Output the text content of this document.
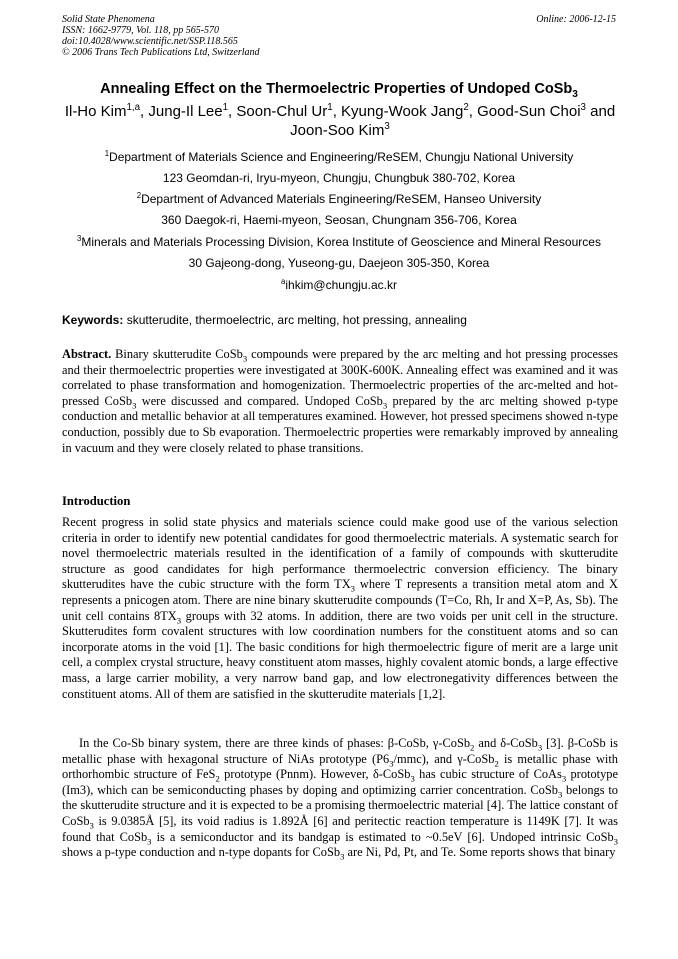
Solid State Phenomena
ISSN: 1662-9779, Vol. 118, pp 565-570
doi:10.4028/www.scientific.net/SSP.118.565
© 2006 Trans Tech Publications Ltd, Switzerland
Online: 2006-12-15
Annealing Effect on the Thermoelectric Properties of Undoped CoSb$_3$
Il-Ho Kim$^{1,a}$, Jung-Il Lee$^1$, Soon-Chul Ur$^1$, Kyung-Wook Jang$^2$, Good-Sun Choi$^3$ and Joon-Soo Kim$^3$
$^1$Department of Materials Science and Engineering/ReSEM, Chungju National University
123 Geomdan-ri, Iryu-myeon, Chungju, Chungbuk 380-702, Korea
$^2$Department of Advanced Materials Engineering/ReSEM, Hanseo University
360 Daegok-ri, Haemi-myeon, Seosan, Chungnam 356-706, Korea
$^3$Minerals and Materials Processing Division, Korea Institute of Geoscience and Mineral Resources
30 Gajeong-dong, Yuseong-gu, Daejeon 305-350, Korea
$^a$ihkim@chungju.ac.kr
Keywords: skutterudite, thermoelectric, arc melting, hot pressing, annealing
Abstract. Binary skutterudite CoSb$_3$ compounds were prepared by the arc melting and hot pressing processes and their thermoelectric properties were investigated at 300K-600K. Annealing effect was examined and it was correlated to phase transformation and homogenization. Thermoelectric properties of the arc-melted and hot-pressed CoSb$_3$ were discussed and compared. Undoped CoSb$_3$ prepared by the arc melting showed p-type conduction and metallic behavior at all temperatures examined. However, hot pressed specimens showed n-type conduction, possibly due to Sb evaporation. Thermoelectric properties were remarkably improved by annealing in vacuum and they were closely related to phase transitions.
Introduction
Recent progress in solid state physics and materials science could make good use of the various selection criteria in order to identify new potential candidates for good thermoelectric materials. A systematic search for novel thermoelectric materials resulted in the identification of a family of compounds with skutterudite structure as good candidates for high performance thermoelectric conversion efficiency. The binary skutterudites have the cubic structure with the form $TX_3$ where T represents a transition metal atom and X represents a pnicogen atom. There are nine binary skutterudite compounds (T=Co, Rh, Ir and X=P, As, Sb). The unit cell contains $8TX_3$ groups with 32 atoms. In addition, there are two voids per unit cell in the structure. Skutterudites form covalent structures with low coordination numbers for the constituent atoms and so can incorporate atoms in the void [1]. The basic conditions for high thermoelectric figure of merit are a large unit cell, a complex crystal structure, heavy constituent atom masses, highly covalent atomic bonds, a large effective mass, a large carrier mobility, a very narrow band gap, and low electronegativity differences between the constituent atoms. All of them are satisfied in the skutterudite materials [1,2].
In the Co-Sb binary system, there are three kinds of phases: β-CoSb, γ-CoSb$_2$ and δ-CoSb$_3$ [3]. β-CoSb is metallic phase with hexagonal structure of NiAs prototype $(P6_3/mmc)$, and γ-CoSb$_2$ is metallic phase with orthorhombic structure of FeS$_2$ prototype (Pnnm). However, δ-CoSb$_3$ has cubic structure of CoAs$_3$ prototype (Im3), which can be semiconducting phases by doping and optimizing carrier concentration. CoSb$_3$ belongs to the skutterudite structure and it is expected to be a promising thermoelectric material [4]. The lattice constant of CoSb$_3$ is 9.0385Å [5], its void radius is 1.892Å [6] and peritectic reaction temperature is 1149K [7]. It was found that CoSb$_3$ is a semiconductor and its bandgap is estimated to ~0.5eV [6]. Undoped intrinsic CoSb$_3$ shows a p-type conduction and n-type dopants for CoSb$_3$ are Ni, Pd, Pt, and Te. Some reports shows that binary
